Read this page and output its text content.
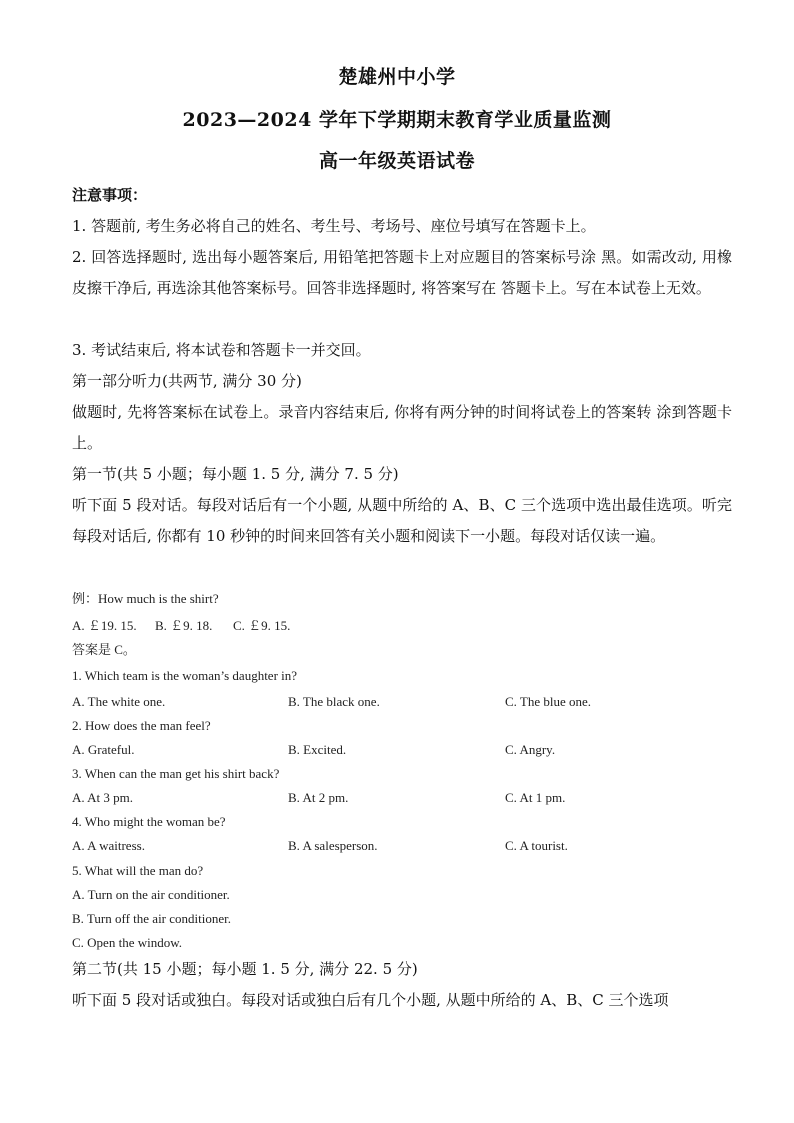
楚雄州中小学
2023—2024 学年下学期期末教育学业质量监测
高一年级英语试卷
注意事项：
1. 答题前, 考生务必将自己的姓名、考生号、考场号、座位号填写在答题卡上。
2. 回答选择题时, 选出每小题答案后, 用铅笔把答题卡上对应题目的答案标号涂 黑。如需改动, 用橡皮擦干净后, 再选涂其他答案标号。回答非选择题时, 将答案写在 答题卡上。写在本试卷上无效。
3. 考试结束后, 将本试卷和答题卡一并交回。
第一部分听力(共两节, 满分 30 分)
做题时, 先将答案标在试卷上。录音内容结束后, 你将有两分钟的时间将试卷上的答案转 涂到答题卡上。
第一节(共 5 小题；每小题 1. 5 分, 满分 7. 5 分)
听下面 5 段对话。每段对话后有一个小题, 从题中所给的 A、B、C 三个选项中选出最佳选项。听完每段对话后, 你都有 10 秒钟的时间来回答有关小题和阅读下一小题。每段对话仅读一遍。
例：How much is the shirt?
A. ￡19. 15. B. ￡9. 18. C. ￡9. 15.
答案是 C。
1. Which team is the woman’s daughter in?
A. The white one.	B. The black one.	C. The blue one.
2. How does the man feel?
A. Grateful.	B. Excited.	C. Angry.
3. When can the man get his shirt back?
A. At 3 pm.	B. At 2 pm.	C. At 1 pm.
4. Who might the woman be?
A. A waitress.	B. A salesperson.	C. A tourist.
5. What will the man do?
A. Turn on the air conditioner.
B. Turn off the air conditioner.
C. Open the window.
第二节(共 15 小题；每小题 1. 5 分, 满分 22. 5 分)
听下面 5 段对话或独白。每段对话或独白后有几个小题, 从题中所给的 A、B、C 三个选项
